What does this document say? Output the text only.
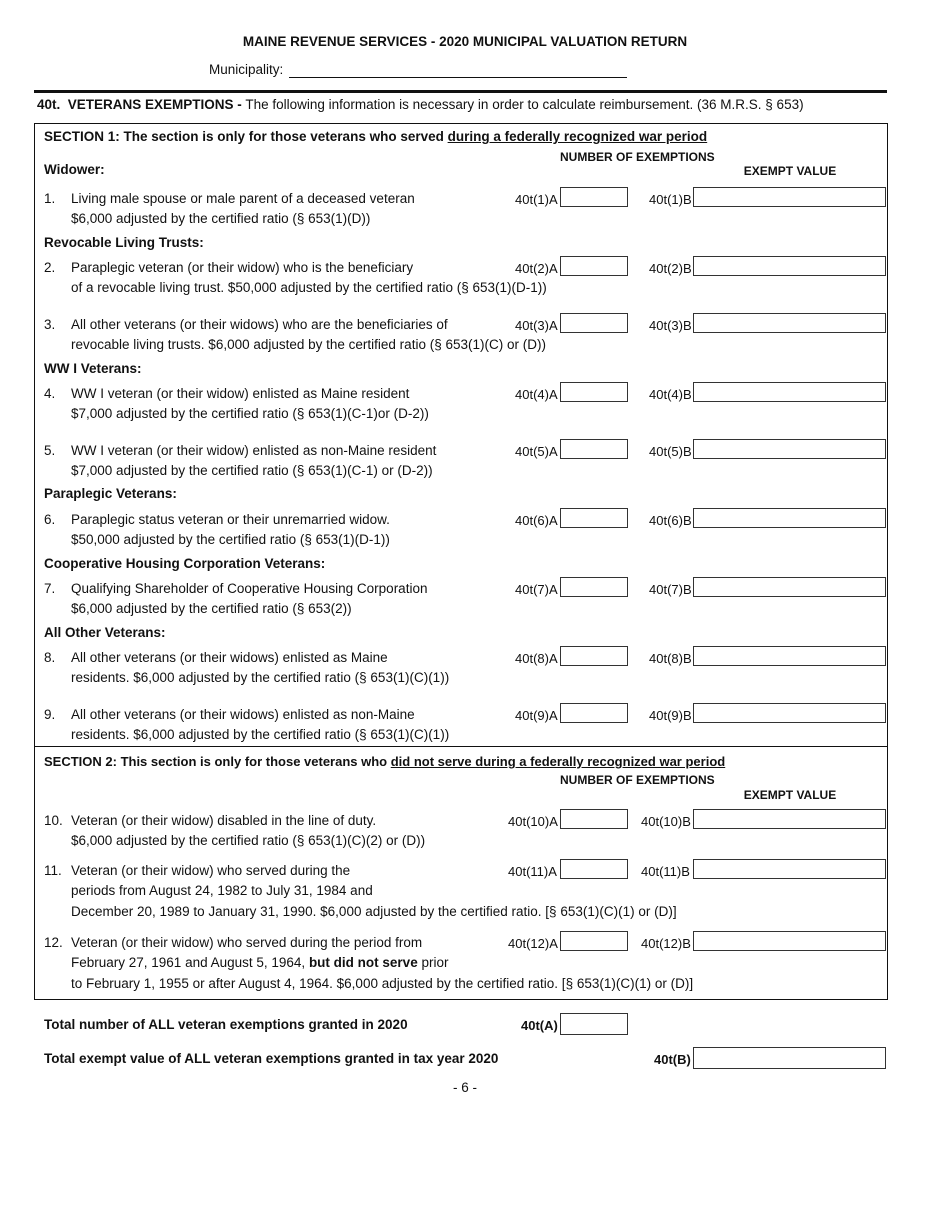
MAINE REVENUE SERVICES - 2020 MUNICIPAL VALUATION RETURN
Municipality:
40t. VETERANS EXEMPTIONS - The following information is necessary in order to calculate reimbursement. (36 M.R.S. § 653)
SECTION 1: The section is only for those veterans who served during a federally recognized war period
NUMBER OF EXEMPTIONS
EXEMPT VALUE
Widower:
1. Living male spouse or male parent of a deceased veteran
$6,000 adjusted by the certified ratio (§ 653(1)(D))
40t(1)A	40t(1)B
Revocable Living Trusts:
2. Paraplegic veteran (or their widow) who is the beneficiary
of a revocable living trust. $50,000 adjusted by the certified ratio (§ 653(1)(D-1))
40t(2)A	40t(2)B
3. All other veterans (or their widows) who are the beneficiaries of
revocable living trusts. $6,000 adjusted by the certified ratio (§ 653(1)(C) or (D))
40t(3)A	40t(3)B
WW I Veterans:
4. WW I veteran (or their widow) enlisted as Maine resident
$7,000 adjusted by the certified ratio (§ 653(1)(C-1)or (D-2))
40t(4)A	40t(4)B
5. WW I veteran (or their widow) enlisted as non-Maine resident
$7,000 adjusted by the certified ratio (§ 653(1)(C-1) or (D-2))
40t(5)A	40t(5)B
Paraplegic Veterans:
6. Paraplegic status veteran or their unremarried widow.
$50,000 adjusted by the certified ratio (§ 653(1)(D-1))
40t(6)A	40t(6)B
Cooperative Housing Corporation Veterans:
7. Qualifying Shareholder of Cooperative Housing Corporation
$6,000 adjusted by the certified ratio (§ 653(2))
40t(7)A	40t(7)B
All Other Veterans:
8. All other veterans (or their widows) enlisted as Maine
residents. $6,000 adjusted by the certified ratio (§ 653(1)(C)(1))
40t(8)A	40t(8)B
9. All other veterans (or their widows) enlisted as non-Maine
residents. $6,000 adjusted by the certified ratio (§ 653(1)(C)(1))
40t(9)A	40t(9)B
SECTION 2: This section is only for those veterans who did not serve during a federally recognized war period
NUMBER OF EXEMPTIONS
EXEMPT VALUE
10. Veteran (or their widow) disabled in the line of duty.
$6,000 adjusted by the certified ratio (§ 653(1)(C)(2) or (D))
40t(10)A	40t(10)B
11. Veteran (or their widow) who served during the
periods from August 24, 1982 to July 31, 1984 and
December 20, 1989 to January 31, 1990. $6,000 adjusted by the certified ratio. [§ 653(1)(C)(1) or (D)]
40t(11)A	40t(11)B
12. Veteran (or their widow) who served during the period from
February 27, 1961 and August 5, 1964, but did not serve prior
to February 1, 1955 or after August 4, 1964. $6,000 adjusted by the certified ratio. [§ 653(1)(C)(1) or (D)]
40t(12)A	40t(12)B
Total number of ALL veteran exemptions granted in 2020	40t(A)
Total exempt value of ALL veteran exemptions granted in tax year 2020	40t(B)
- 6 -
